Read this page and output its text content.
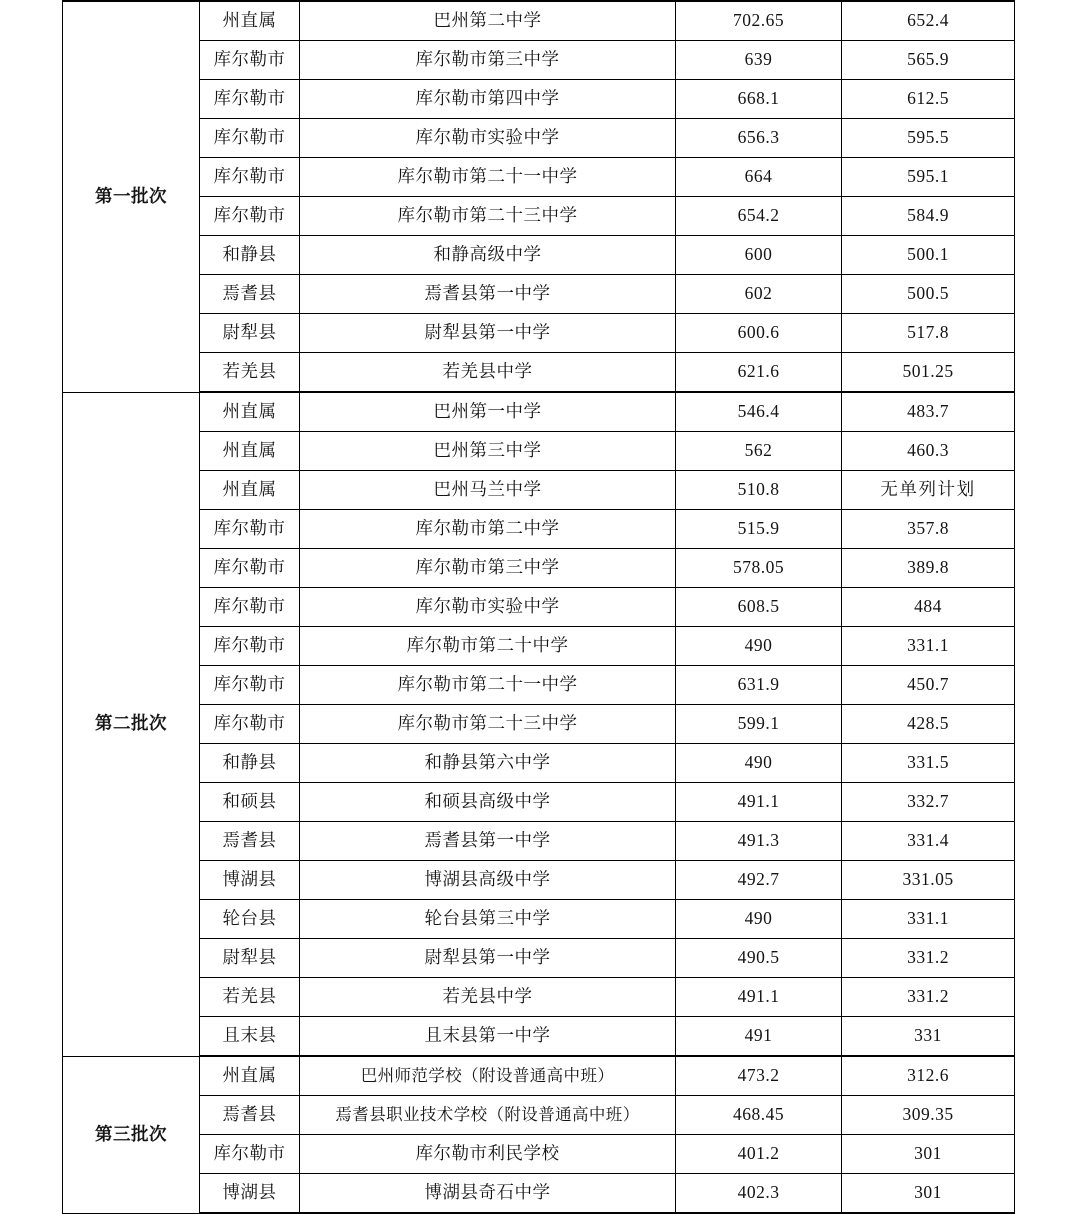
第一批次	州直属	巴州第二中学	702.65	652.4
	库尔勒市	库尔勒市第三中学	639	565.9
	库尔勒市	库尔勒市第四中学	668.1	612.5
	库尔勒市	库尔勒市实验中学	656.3	595.5
	库尔勒市	库尔勒市第二十一中学	664	595.1
	库尔勒市	库尔勒市第二十三中学	654.2	584.9
	和静县	和静高级中学	600	500.1
	焉耆县	焉耆县第一中学	602	500.5
	尉犁县	尉犁县第一中学	600.6	517.8
	若羌县	若羌县中学	621.6	501.25
第二批次	州直属	巴州第一中学	546.4	483.7
	州直属	巴州第三中学	562	460.3
	州直属	巴州马兰中学	510.8	无单列计划
	库尔勒市	库尔勒市第二中学	515.9	357.8
	库尔勒市	库尔勒市第三中学	578.05	389.8
	库尔勒市	库尔勒市实验中学	608.5	484
	库尔勒市	库尔勒市第二十中学	490	331.1
	库尔勒市	库尔勒市第二十一中学	631.9	450.7
	库尔勒市	库尔勒市第二十三中学	599.1	428.5
	和静县	和静县第六中学	490	331.5
	和硕县	和硕县高级中学	491.1	332.7
	焉耆县	焉耆县第一中学	491.3	331.4
	博湖县	博湖县高级中学	492.7	331.05
	轮台县	轮台县第三中学	490	331.1
	尉犁县	尉犁县第一中学	490.5	331.2
	若羌县	若羌县中学	491.1	331.2
	且末县	且末县第一中学	491	331
第三批次	州直属	巴州师范学校（附设普通高中班）	473.2	312.6
	焉耆县	焉耆县职业技术学校（附设普通高中班）	468.45	309.35
	库尔勒市	库尔勒市利民学校	401.2	301
	博湖县	博湖县奇石中学	402.3	301
